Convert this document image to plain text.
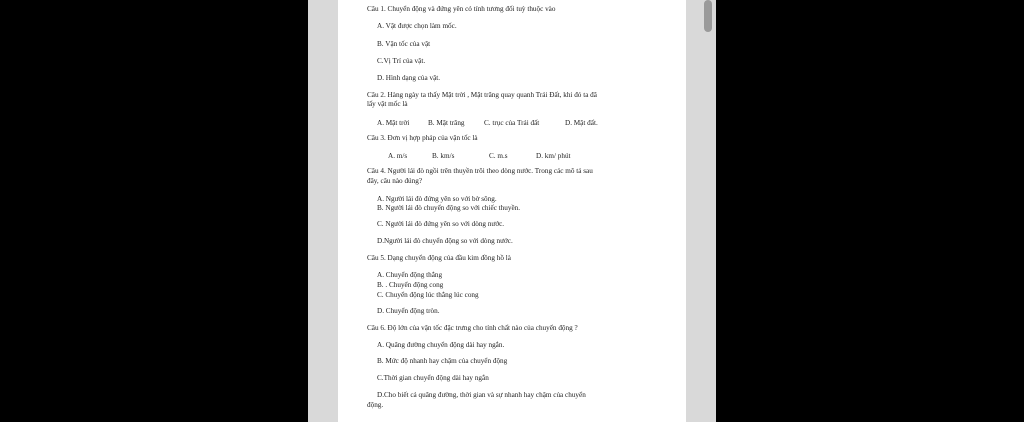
Câu 1. Chuyển động và đứng yên có tính tương đối tuỳ thuộc vào
A. Vật được chọn làm mốc.
B. Vận tốc của vật
C.Vị Trí của vật.
D. Hình dạng của vật.
Câu 2. Hàng ngày ta thấy Mặt trời , Mặt trăng quay quanh Trái Đất, khi đó ta đã
lấy vật mốc là
A. Mặt trời	B. Mặt trăng	C. trục của Trái đất	D. Mặt đất.
Câu 3. Đơn vị hợp pháp của vận tốc là
A. m/s	B. km/s	C. m.s	D. km/ phút
Câu 4. Người lái đò ngồi trên thuyền trôi theo dòng nước. Trong các mô tả sau
đây, câu nào đúng?
A. Người lái đò đứng yên so với bờ sông.
B. Người lái đò chuyển động so với chiếc thuyền.
C. Người lái đò đứng yên so với dòng nước.
D.Người lái đò chuyển động so với dòng nước.
Câu 5. Dạng chuyển động của đầu kim đồng hồ là
A. Chuyển động thẳng
B. . Chuyển động cong
C. Chuyển động lúc thẳng lúc cong
D. Chuyển động tròn.
Câu 6. Độ lớn của vận tốc đặc trưng cho tính chất nào của chuyển động ?
A. Quãng đường chuyển động dài hay ngắn.
B. Mức độ nhanh hay chậm của chuyển động
C.Thời gian chuyển động dài hay ngắn
D.Cho biết cả quãng đường, thời gian và sự nhanh hay chậm của chuyển
động.
